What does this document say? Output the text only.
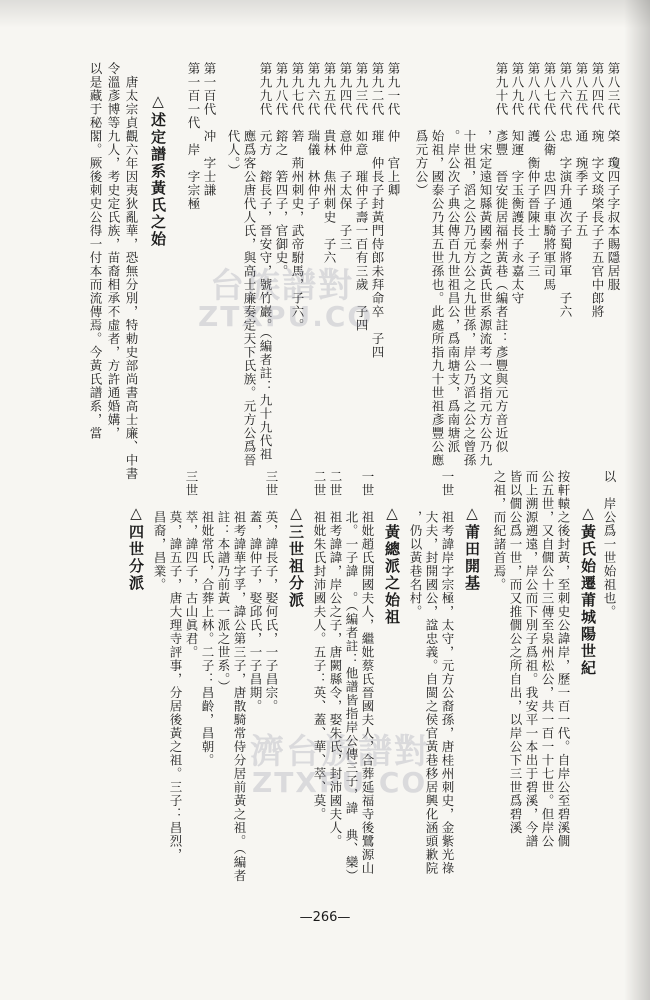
第八三代　棨　瓊四子字叔本賜隱居服
第八四代　琬　字文琰棨長子子五官中郎將
第八五代　通　琬季子　子五
第八六代　忠　字演升通次子蜀將軍　子六
第八七代　公衛　忠四子車騎將軍司馬
第八八代　護　衡仲子晉陳士　子三
第八九代　知運　字玉衡護長子永嘉太守
第九十代　彥豐　晉安徙居福州黃巷（編者註：彥豐與元方音近似
　　　　　，宋定遠知縣黃國泰之黃氏世系源流考一文指元方公乃九
　　　　　十世祖，滔之公乃元方公之九世孫，岸公乃滔之公之曾孫
　　　　　。岸公次子典公傳百九世祖昌公，爲南塘支，爲南塘派
　　　　　始祖，國泰公乃其五世孫也。此處所指九十世祖彥豐公應
　　　　　爲元方公）
第九一代　仲　官上卿
第九二代　璀　仲長子封黃門侍郎未拜命卒　子四
第九三代　如意　璀仲子壽一百有三歲　子四
第九四代　意仲　子太保　子三
第九五代　貴林　焦州刺史　子六
第九六代　瑞儀　林仲子
第九七代　箬　荊州刺史，武帝駙馬，子六。
第九八代　鎔之　箬四子，官御史。
第九九代　元方　鎔長子，晉安守，號竹巖。（編者註：九十九代祖
　　　　　應爲客公唐代人氏，與高士廉奏定天下氏族。元方公爲晉
　　　　　代人。）
第一百代　冲　字士謙
第一百一代　岸　字宗極
△述定譜系黃氏之始
　唐太宗貞觀六年因夷狄亂華，恐無分別，特勅史部尚書高士廉、中書
令溫彥博等九人，考史定氏族，苗裔相承不虛者，方許通婚媾，
以是藏于秘閣。厥後刺史公得一付本而流傳焉。今黃氏譜系，當
以　岸公爲一世始祖也。
　　△黃氏始遷莆城陽世紀
按軒轅之後封黃，至刺史公諱岸，歷一百一代。自岸公至碧溪僩
公五世，又自僩公十三傳至泉州松公，共一百一十七世。但岸公
而上溯源遡遠，岸公而下別子爲祖。我安平一本出于碧溪，今譜
皆以僩公爲一世，而又推僩公之所自出，以岸公下三世爲碧溪
之祖，而紀諸首焉。
　　△莆田開基
一世　祖考諱岸字宗極，太守，元方公裔孫，唐桂州刺史，金紫光祿
　　　大夫，封開國公，諡忠義。自閩之侯官黃巷移居興化涵頭歉院
　　　，仍以黃巷名村。
　　△黃總派之始祖
一世　祖妣趙氏開國夫人，繼妣蔡氏晉國夫人，合葬延福寺後鷺源山
　　　北。一子諱　。（編者註：他譜皆指岸公傳三子，諱　典、欒）
二世　祖考諱諱，岸公之子，唐闕縣令，娶朱氏，封沛國夫人。
二世　祖妣朱氏封沛國夫人。五子：英、蓋、華、萃、莫。
　　△三世祖分派
三世　英，諱長子，娶何氏，一子昌宗。
　　　蓋，諱仲子，娶邱氏，一子昌期。
　　　祖考諱華字孚，諱公第三子，唐散騎常侍分居前黃之祖。（編者
　　　註：本譜乃前黃一派之世系。）
　　　祖妣常氏，合葬上林。二子：昌齡，昌朝。
三世　萃，諱四子，古山眞君。
　　　莫，諱五子，唐大理寺評事，分居後黃之祖。三子：昌烈，
　　　昌裔，昌業。
　　△四世分派
台族譜對
ZTXPU.CO
濟台族譜對
ZTXPU.CO
—266—
